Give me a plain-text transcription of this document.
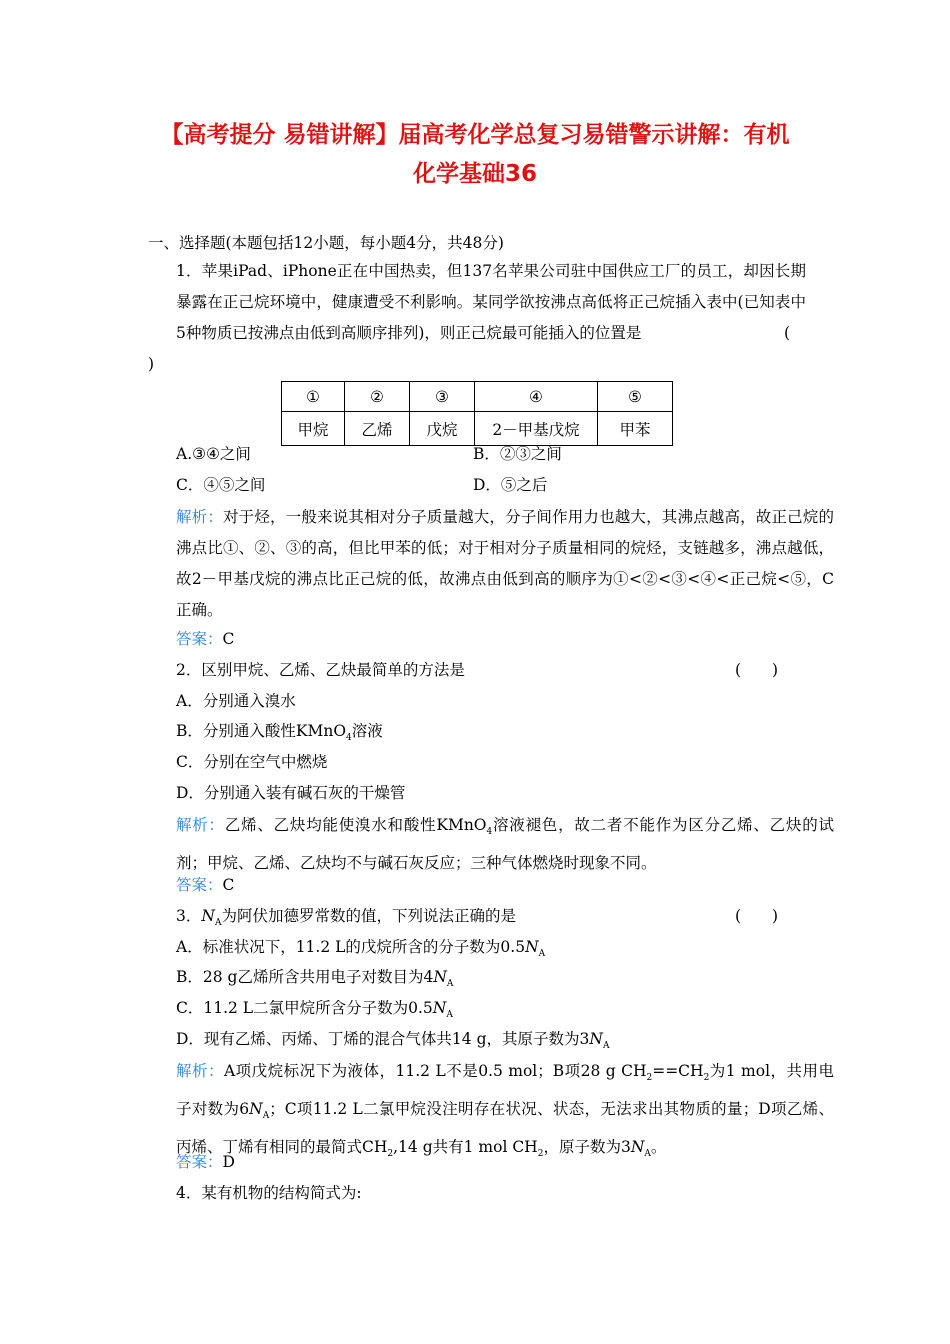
【高考提分 易错讲解】届高考化学总复习易错警示讲解：有机
化学基础36
一、选择题(本题包括12小题，每小题4分，共48分)
1．苹果iPad、iPhone正在中国热卖，但137名苹果公司驻中国供应工厂的员工，却因长期暴露在正己烷环境中，健康遭受不利影响。某同学欲按沸点高低将正己烷插入表中(已知表中5种物质已按沸点由低到高顺序排列)，则正己烷最可能插入的位置是	(
)
①	②	③	④	⑤
甲烷	乙烯	戊烷	2－甲基戊烷	甲苯
A.③④之间	B．②③之间
C．④⑤之间	D．⑤之后
解析：对于烃，一般来说其相对分子质量越大，分子间作用力也越大，其沸点越高，故正己烷的沸点比①、②、③的高，但比甲苯的低；对于相对分子质量相同的烷烃，支链越多，沸点越低，故2－甲基戊烷的沸点比正己烷的低，故沸点由低到高的顺序为①<②<③<④<正己烷<⑤，C正确。
答案：C
2．区别甲烷、乙烯、乙炔最简单的方法是	(　　)
A．分别通入溴水
B．分别通入酸性KMnO$_4$溶液
C．分别在空气中燃烧
D．分别通入装有碱石灰的干燥管
解析：乙烯、乙炔均能使溴水和酸性KMnO$_4$溶液褪色，故二者不能作为区分乙烯、乙炔的试剂；甲烷、乙烯、乙炔均不与碱石灰反应；三种气体燃烧时现象不同。
答案：C
3．$N_A$为阿伏加德罗常数的值，下列说法正确的是	(　　)
A．标准状况下，11.2 L的戊烷所含的分子数为$0.5N_A$
B．28 g乙烯所含共用电子对数目为$4N_A$
C．11.2 L二氯甲烷所含分子数为$0.5N_A$
D．现有乙烯、丙烯、丁烯的混合气体共14 g，其原子数为$3N_A$
解析：A项戊烷标况下为液体，11.2 L不是0.5 mol；B项28 g $CH_2==CH_2$为1 mol，共用电子对数为$6N_A$；C项11.2 L二氯甲烷没注明存在状况、状态，无法求出其物质的量；D项乙烯、丙烯、丁烯有相同的最简式$CH_2,14$ g共有1 mol $CH_2$，原子数为$3N_A$。
答案：D
4．某有机物的结构简式为:
